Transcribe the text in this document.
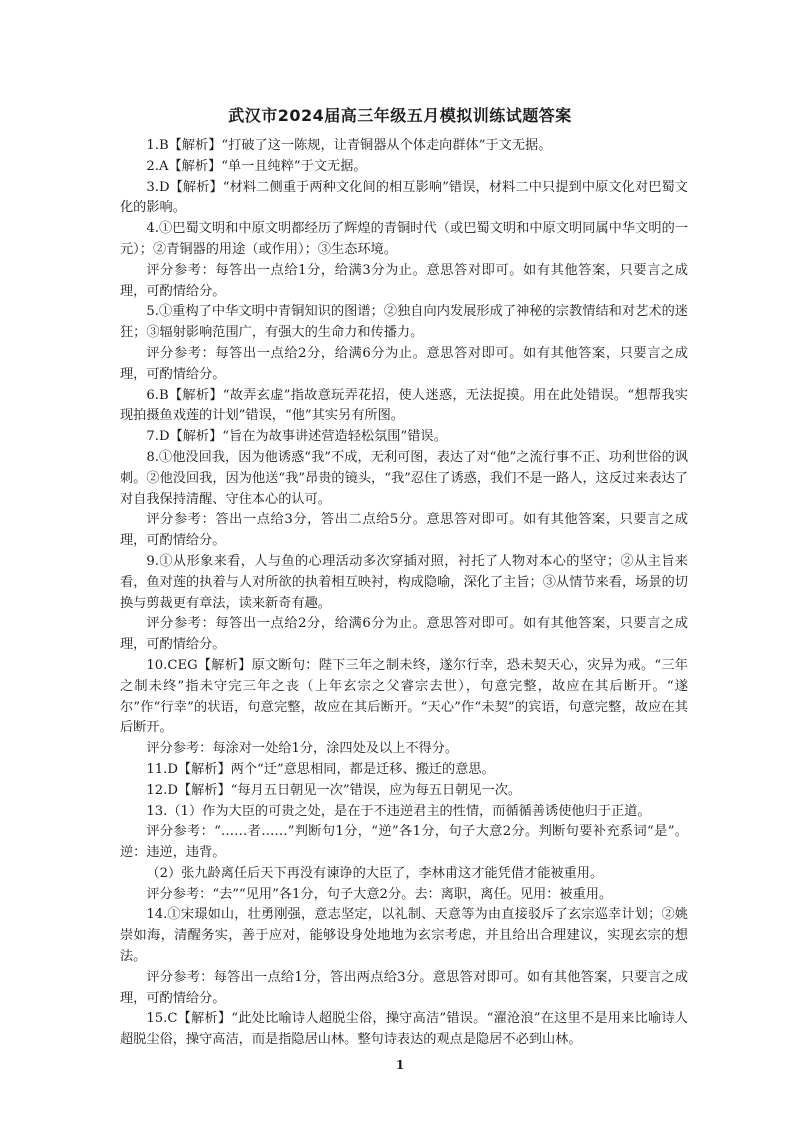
武汉市2024届高三年级五月模拟训练试题答案

1.B【解析】“打破了这一陈规，让青铜器从个体走向群体”于文无据。

2.A【解析】“单一且纯粹”于文无据。

3.D【解析】“材料二侧重于两种文化间的相互影响”错误，材料二中只提到中原文化对巴蜀文化的影响。

4.①巴蜀文明和中原文明都经历了辉煌的青铜时代（或巴蜀文明和中原文明同属中华文明的一元）；②青铜器的用途（或作用）；③生态环境。

评分参考：每答出一点给1分，给满3分为止。意思答对即可。如有其他答案，只要言之成理，可酌情给分。

5.①重构了中华文明中青铜知识的图谱；②独自向内发展形成了神秘的宗教情结和对艺术的迷狂；③辐射影响范围广，有强大的生命力和传播力。

评分参考：每答出一点给2分，给满6分为止。意思答对即可。如有其他答案，只要言之成理，可酌情给分。

6.B【解析】“故弄玄虚”指故意玩弄花招，使人迷惑，无法捉摸。用在此处错误。“想帮我实现拍摄鱼戏莲的计划”错误，“他”其实另有所图。

7.D【解析】“旨在为故事讲述营造轻松氛围”错误。

8.①他没回我，因为他诱惑“我”不成，无利可图，表达了对“他”之流行事不正、功利世俗的讽刺。②他没回我，因为他送“我”昂贵的镜头，“我”忍住了诱惑，我们不是一路人，这反过来表达了对自我保持清醒、守住本心的认可。

评分参考：答出一点给3分，答出二点给5分。意思答对即可。如有其他答案，只要言之成理，可酌情给分。

9.①从形象来看，人与鱼的心理活动多次穿插对照，衬托了人物对本心的坚守；②从主旨来看，鱼对莲的执着与人对所欲的执着相互映衬，构成隐喻，深化了主旨；③从情节来看，场景的切换与剪裁更有章法，读来新奇有趣。

评分参考：每答出一点给2分，给满6分为止。意思答对即可。如有其他答案，只要言之成理，可酌情给分。

10.CEG【解析】原文断句：陛下三年之制未终，遂尔行幸，恐未契天心，灾异为戒。“三年之制未终”指未守完三年之丧（上年玄宗之父睿宗去世），句意完整，故应在其后断开。“遂尔”作“行幸”的状语，句意完整，故应在其后断开。“天心”作“未契”的宾语，句意完整，故应在其后断开。

评分参考：每涂对一处给1分，涂四处及以上不得分。

11.D【解析】两个“迁”意思相同，都是迁移、搬迁的意思。

12.D【解析】“每月五日朝见一次”错误，应为每五日朝见一次。

13.（1）作为大臣的可贵之处，是在于不违逆君主的性情，而循循善诱使他归于正道。

评分参考：“……者……”判断句1分，“逆”各1分，句子大意2分。判断句要补充系词“是”。逆：违逆，违背。

（2）张九龄离任后天下再没有谏诤的大臣了，李林甫这才能凭借才能被重用。

评分参考：“去”“见用”各1分，句子大意2分。去：离职，离任。见用：被重用。

14.①宋璟如山，壮勇刚强，意志坚定，以礼制、天意等为由直接驳斥了玄宗巡幸计划；②姚崇如海，清醒务实，善于应对，能够设身处地地为玄宗考虑，并且给出合理建议，实现玄宗的想法。

评分参考：每答出一点给1分，答出两点给3分。意思答对即可。如有其他答案，只要言之成理，可酌情给分。

15.C【解析】“此处比喻诗人超脱尘俗，操守高洁”错误。“濯沧浪”在这里不是用来比喻诗人超脱尘俗，操守高洁，而是指隐居山林。整句诗表达的观点是隐居不必到山林。

1
